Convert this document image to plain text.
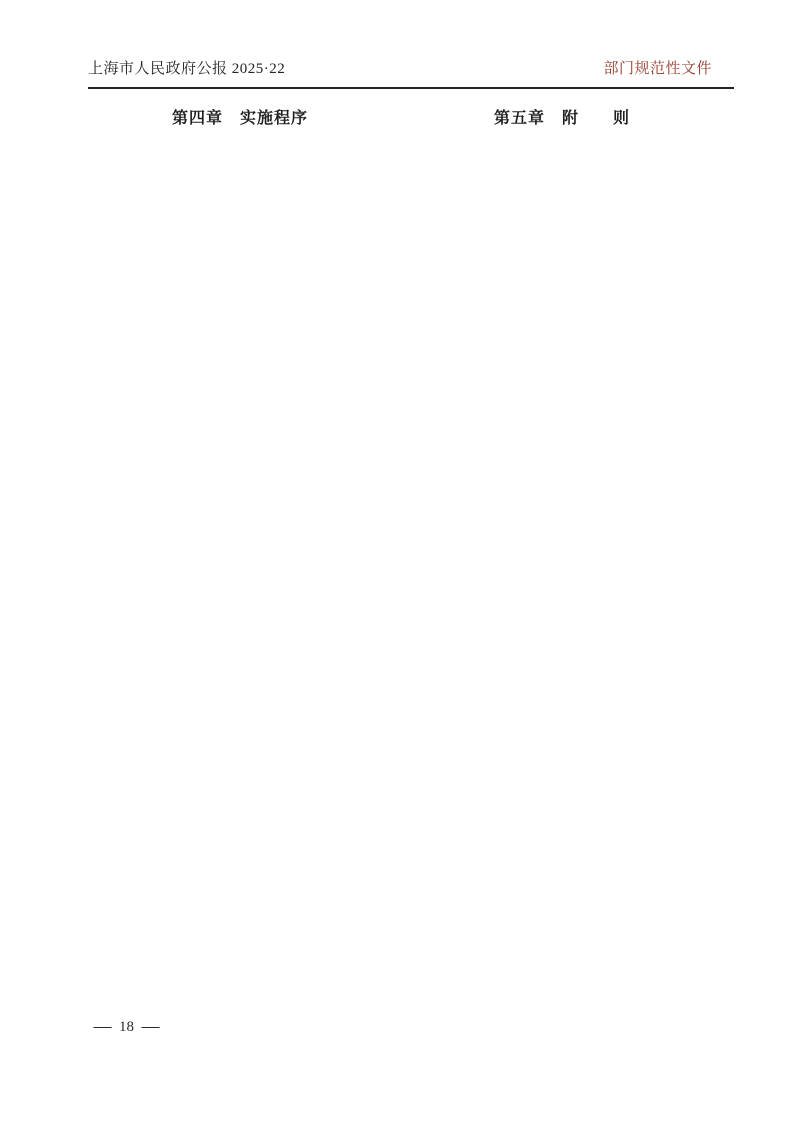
上海市人民政府公报 2025·22	部门规范性文件
第四章　实施程序	第五章　附　　则
— 18 —
